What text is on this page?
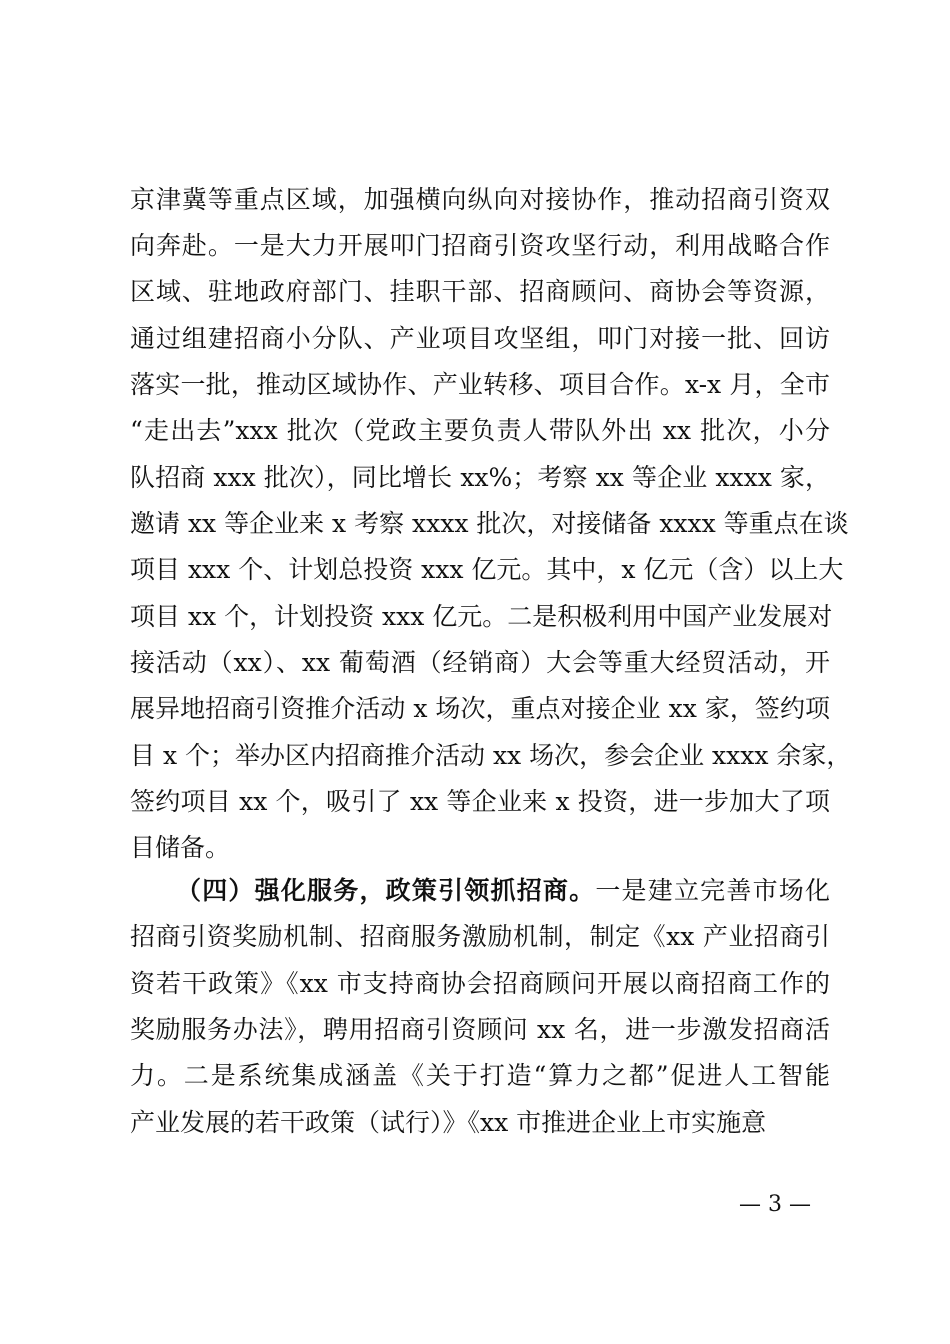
京津冀等重点区域，加强横向纵向对接协作，推动招商引资双
向奔赴。一是大力开展叩门招商引资攻坚行动，利用战略合作
区域、驻地政府部门、挂职干部、招商顾问、商协会等资源，
通过组建招商小分队、产业项目攻坚组，叩门对接一批、回访
落实一批，推动区域协作、产业转移、项目合作。x-x 月，全市
“走出去”xxx 批次（党政主要负责人带队外出 xx 批次，小分
队招商 xxx 批次），同比增长 xx%；考察 xx 等企业 xxxx 家，
邀请 xx 等企业来 x 考察 xxxx 批次，对接储备 xxxx 等重点在谈
项目 xxx 个、计划总投资 xxx 亿元。其中，x 亿元（含）以上大
项目 xx 个，计划投资 xxx 亿元。二是积极利用中国产业发展对
接活动（xx）、xx 葡萄酒（经销商）大会等重大经贸活动，开
展异地招商引资推介活动 x 场次，重点对接企业 xx 家，签约项
目 x 个；举办区内招商推介活动 xx 场次，参会企业 xxxx 余家，
签约项目 xx 个，吸引了 xx 等企业来 x 投资，进一步加大了项
目储备。
（四）强化服务，政策引领抓招商。一是建立完善市场化
招商引资奖励机制、招商服务激励机制，制定《xx 产业招商引
资若干政策》《xx 市支持商协会招商顾问开展以商招商工作的
奖励服务办法》，聘用招商引资顾问 xx 名，进一步激发招商活
力。二是系统集成涵盖《关于打造“算力之都”促进人工智能
产业发展的若干政策（试行）》《xx 市推进企业上市实施意
— 3 —
